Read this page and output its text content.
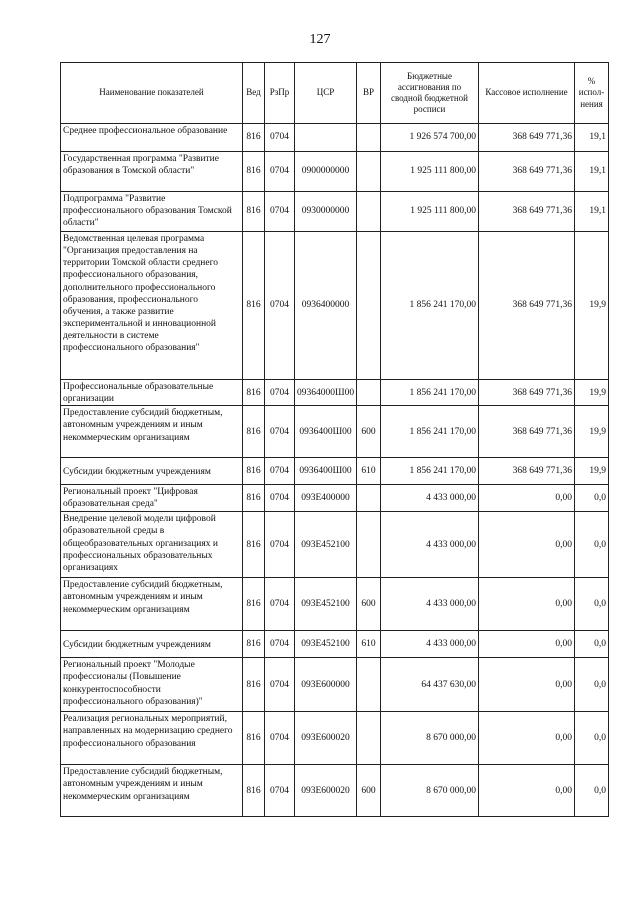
127
Наименование показателей	Вед	РзПр	ЦСР	ВР	Бюджетные ассигнования по сводной бюджетной росписи	Кассовое исполнение	% испол-нения
Среднее профессиональное образование	816	0704			1 926 574 700,00	368 649 771,36	19,1
Государственная программа "Развитие образования в Томской области"	816	0704	0900000000		1 925 111 800,00	368 649 771,36	19,1
Подпрограмма "Развитие профессионального образования Томской области"	816	0704	0930000000		1 925 111 800,00	368 649 771,36	19,1
Ведомственная целевая программа "Организация предоставления на территории Томской области среднего профессионального образования, дополнительного профессионального образования, профессионального обучения, а также развитие экспериментальной и инновационной деятельности в системе профессионального образования"	816	0704	0936400000		1 856 241 170,00	368 649 771,36	19,9
Профессиональные образовательные организации	816	0704	09364000Ш00		1 856 241 170,00	368 649 771,36	19,9
Предоставление субсидий бюджетным, автономным учреждениям и иным некоммерческим организациям	816	0704	0936400Ш00	600	1 856 241 170,00	368 649 771,36	19,9
Субсидии бюджетным учреждениям	816	0704	0936400Ш00	610	1 856 241 170,00	368 649 771,36	19,9
Региональный проект "Цифровая образовательная среда"	816	0704	093E400000		4 433 000,00	0,00	0,0
Внедрение целевой модели цифровой образовательной среды в общеобразовательных организациях и профессиональных образовательных организациях	816	0704	093E452100		4 433 000,00	0,00	0,0
Предоставление субсидий бюджетным, автономным учреждениям и иным некоммерческим организациям	816	0704	093E452100	600	4 433 000,00	0,00	0,0
Субсидии бюджетным учреждениям	816	0704	093E452100	610	4 433 000,00	0,00	0,0
Региональный проект "Молодые профессионалы (Повышение конкурентоспособности профессионального образования)"	816	0704	093E600000		64 437 630,00	0,00	0,0
Реализация региональных мероприятий, направленных на модернизацию среднего профессионального образования	816	0704	093E600020		8 670 000,00	0,00	0,0
Предоставление субсидий бюджетным, автономным учреждениям и иным некоммерческим организациям	816	0704	093E600020	600	8 670 000,00	0,00	0,0
